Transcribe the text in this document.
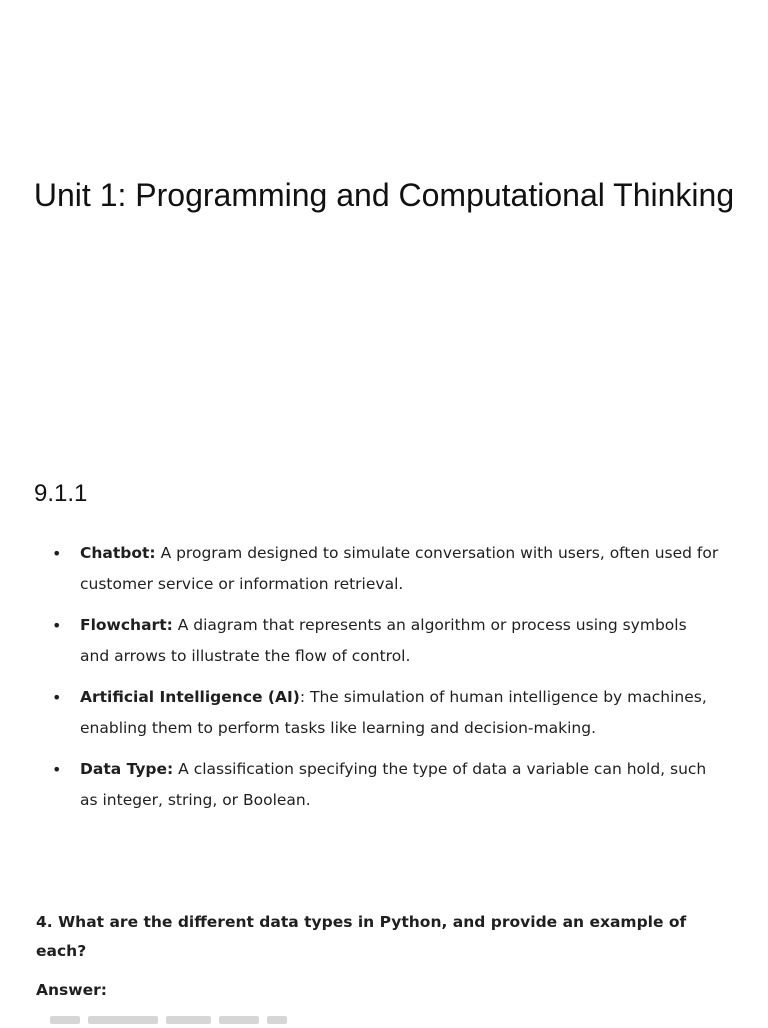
Unit 1: Programming and Computational Thinking
9.1.1
• Chatbot: A program designed to simulate conversation with users, often used for customer service or information retrieval.
• Flowchart: A diagram that represents an algorithm or process using symbols and arrows to illustrate the flow of control.
• Artificial Intelligence (AI): The simulation of human intelligence by machines, enabling them to perform tasks like learning and decision-making.
• Data Type: A classification specifying the type of data a variable can hold, such as integer, string, or Boolean.

4. What are the different data types in Python, and provide an example of each?

Answer:
